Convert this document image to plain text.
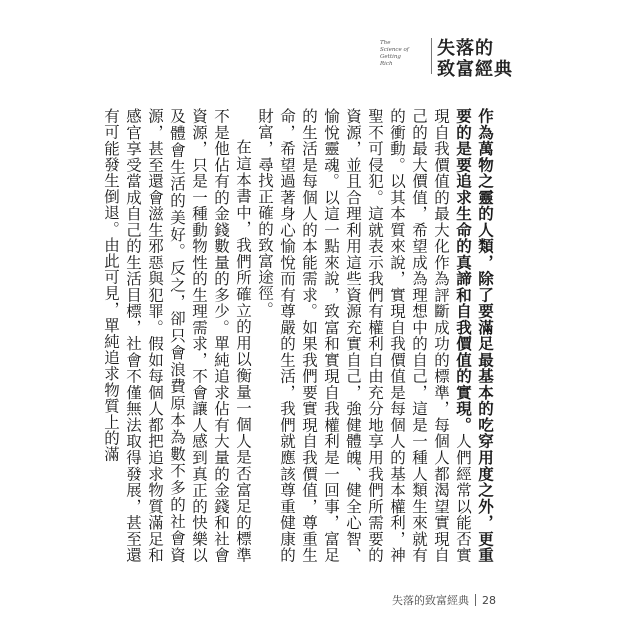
The
Science of
Getting
Rich
失落的
致富經典

作為萬物之靈的人類，除了要滿足最基本的吃穿用度之外，更重要的是要追求生命的真諦和自我價值的實現。人們經常以能否實現自我價值的最大化作為評斷成功的標準，每個人都渴望實現自己的最大價值，希望成為理想中的自己，這是一種人類生來就有的衝動。以其本質來說，實現自我價值是每個人的基本權利，神聖不可侵犯。這就表示我們有權利自由充分地享用我們所需要的資源，並且合理利用這些資源充實自己，強健體魄、健全心智、愉悅靈魂。以這一點來說，致富和實現自我權利是一回事，富足的生活是每個人的本能需求。如果我們要實現自我價值，尊重生命，希望過著身心愉悅而有尊嚴的生活，我們就應該尊重健康的財富，尋找正確的致富途徑。

在這本書中，我們所確立的用以衡量一個人是否富足的標準不是他佔有的金錢數量的多少。單純追求佔有大量的金錢和社會資源，只是一種動物性的生理需求，不會讓人感到真正的快樂以及體會生活的美好。反之，卻只會浪費原本為數不多的社會資源，甚至還會滋生邪惡與犯罪。假如每個人都把追求物質滿足和感官享受當成自己的生活目標，社會不僅無法取得發展，甚至還有可能發生倒退。由此可見，單純追求物質上的滿

失落的致富經典 28
